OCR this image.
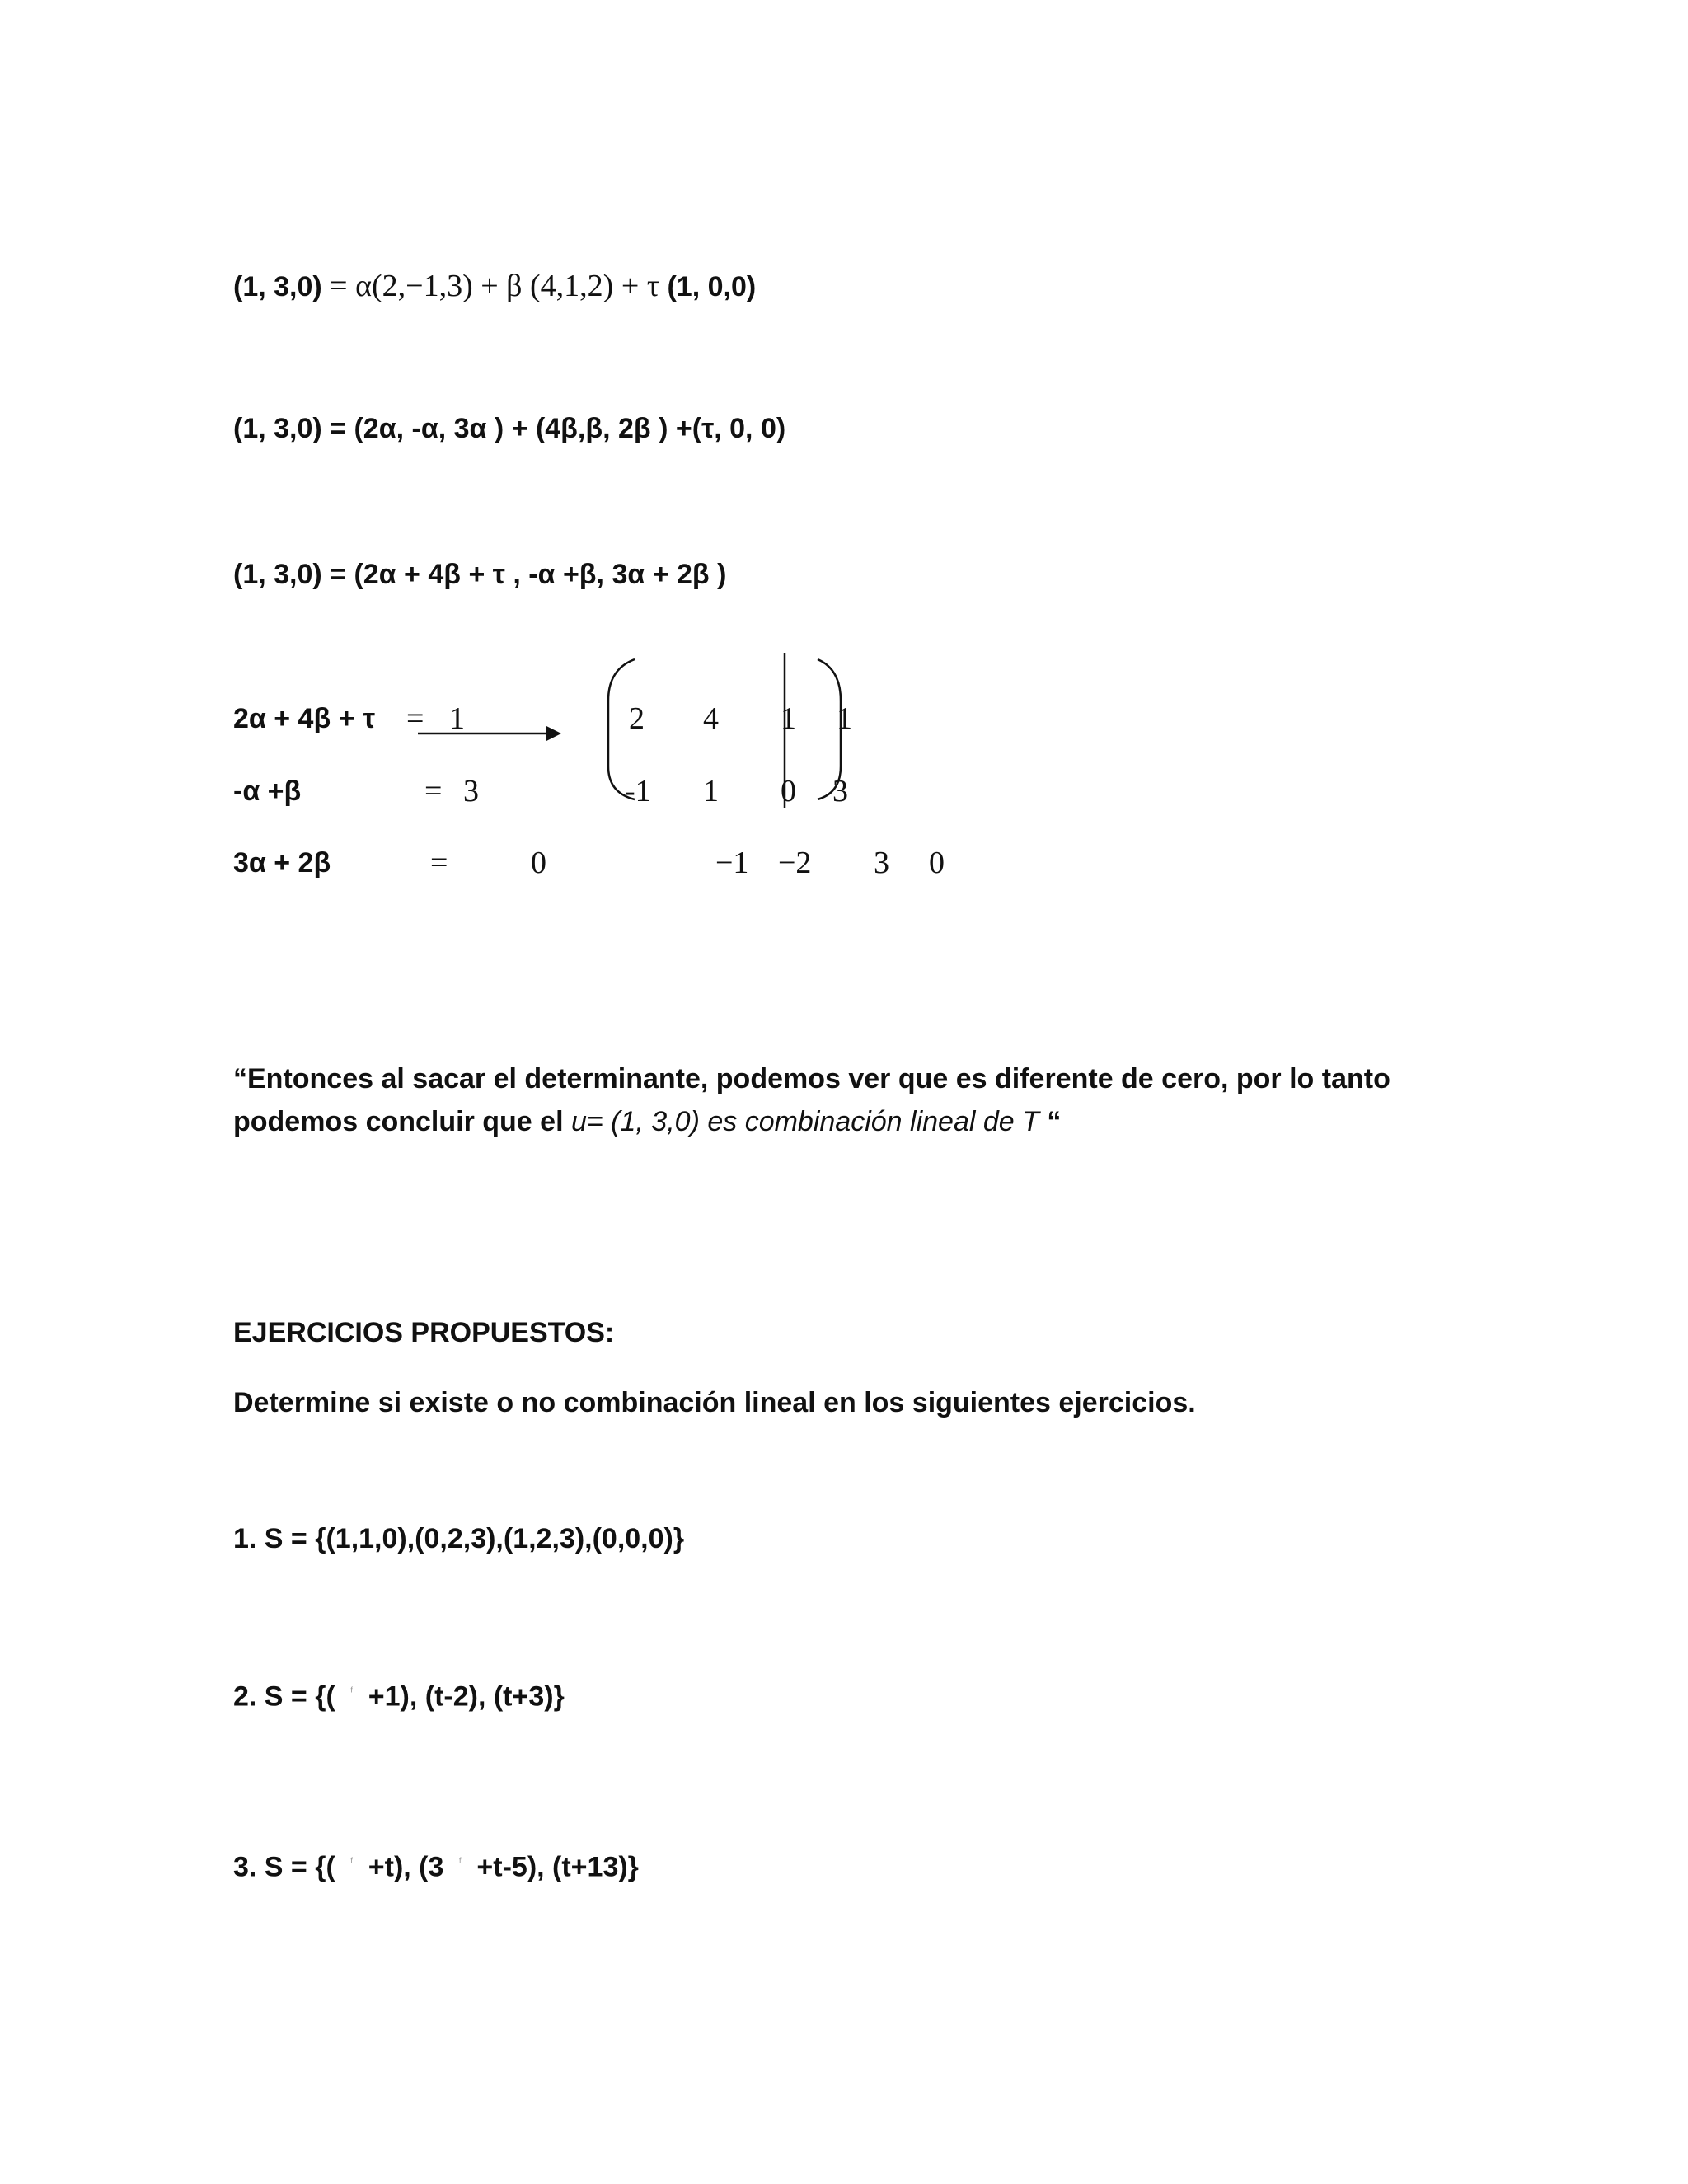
(1, 3,0) = α(2,−1,3) + β (4,1,2) + τ (1, 0,0)
(1, 3,0) = (2α, -α, 3α ) + (4β,β, 2β ) +(τ, 0, 0)
(1, 3,0) = (2α + 4β + τ , -α +β, 3α + 2β )
2α + 4β + τ = 1
-α +β	= 3
3α + 2β	=	0
2 4 1 1
-1 1 0 3
−1 −2 3 0
“Entonces al sacar el determinante, podemos ver que es diferente de cero, por lo tanto podemos concluir que el u= (1, 3,0) es combinación lineal de T “
EJERCICIOS PROPUESTOS:
Determine si existe o no combinación lineal en los siguientes ejercicios.
1. S = {(1,1,0),(0,2,3),(1,2,3),(0,0,0)}
2. S = {( ᶠ +1), (t-2), (t+3)}
3. S = {( ᶠ +t), (3 ᶠ +t-5), (t+13)}
